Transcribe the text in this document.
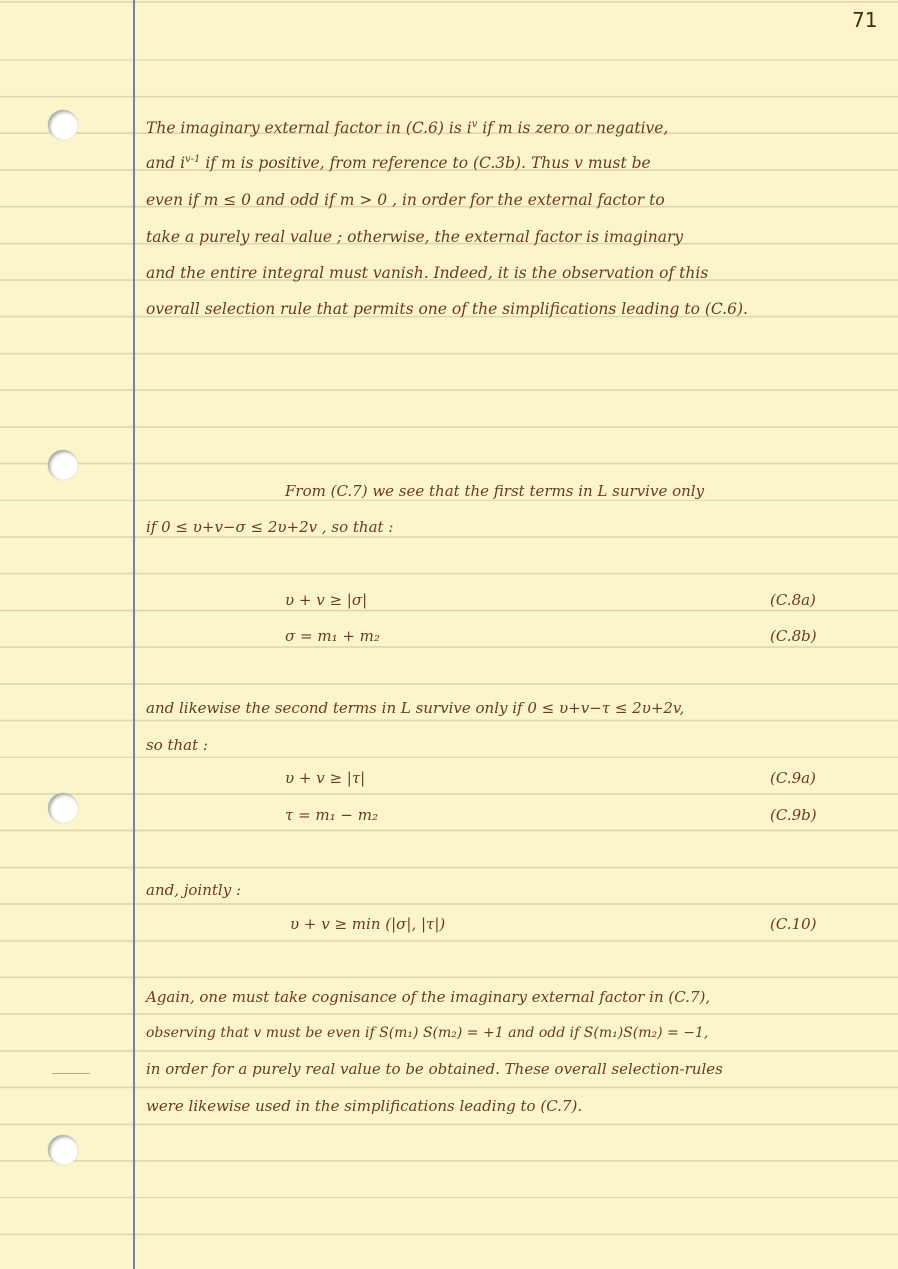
71
The imaginary external factor in (C.6) is $i^v$ if m is zero or negative,
and $i^{v-1}$ if m is positive, from reference to (C.3b). Thus v must be
even if m ≤ 0 and odd if m > 0 , in order for the external factor to
take a purely real value ; otherwise, the external factor is imaginary
and the entire integral must vanish. Indeed, it is the observation of this
overall selection rule that permits one of the simplifications leading to (C.6).
From (C.7) we see that the first terms in L survive only
if 0 ≤ υ+v−σ ≤ 2υ+2v , so that :
υ + v ≥ |σ|	(C.8a)
σ = m₁ + m₂	(C.8b)
and likewise the second terms in L survive only if 0 ≤ υ+v−τ ≤ 2υ+2v,
so that :
υ + v ≥ |τ|	(C.9a)
τ = m₁ − m₂	(C.9b)
and, jointly :
υ + v ≥ min (|σ|, |τ|)	(C.10)
Again, one must take cognisance of the imaginary external factor in (C.7),
observing that v must be even if S(m₁) S(m₂) = +1 and odd if S(m₁)S(m₂) = −1,
in order for a purely real value to be obtained. These overall selection-rules
were likewise used in the simplifications leading to (C.7).
